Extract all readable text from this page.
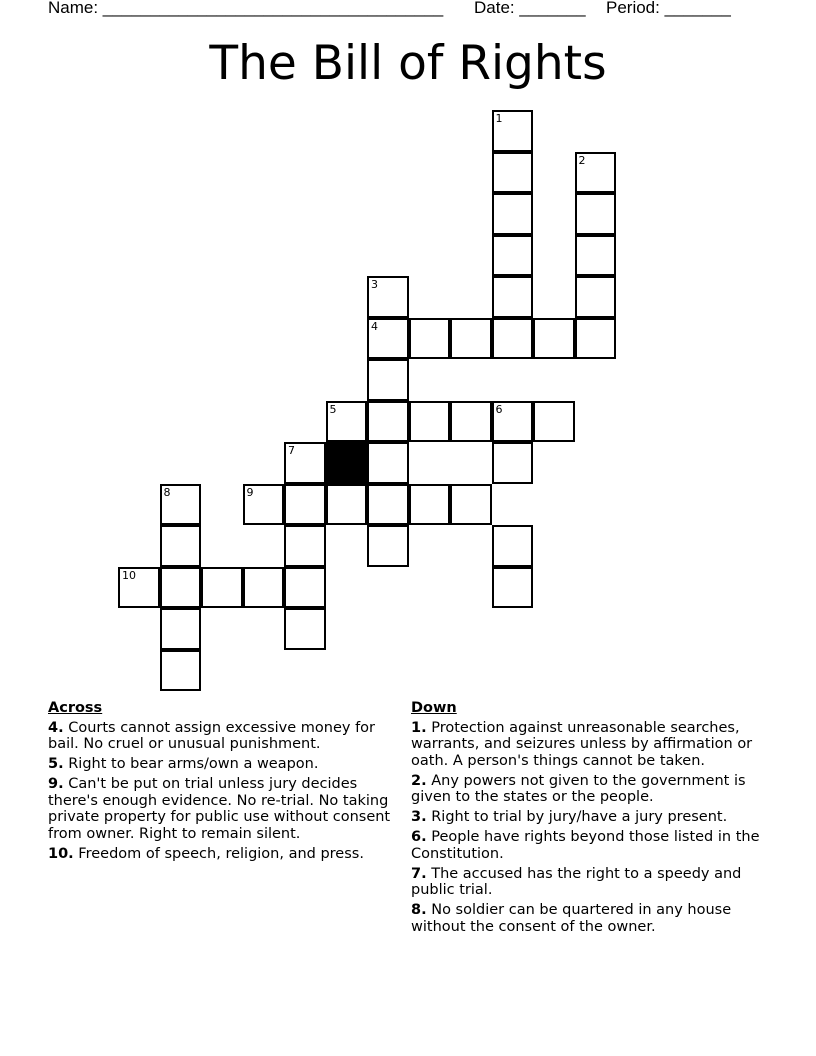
Name: ____________________________________

Date: _______

Period: _______

The Bill of Rights
1
2
3
4
5	6
7
8	9
10
Across
4. Courts cannot assign excessive money for bail. No cruel or unusual punishment.
5. Right to bear arms/own a weapon.
9. Can't be put on trial unless jury decides there's enough evidence. No re-trial. No taking private property for public use without consent from owner. Right to remain silent.
10. Freedom of speech, religion, and press.
Down
1. Protection against unreasonable searches, warrants, and seizures unless by affirmation or oath. A person's things cannot be taken.
2. Any powers not given to the government is given to the states or the people.
3. Right to trial by jury/have a jury present.
6. People have rights beyond those listed in the Constitution.
7. The accused has the right to a speedy and public trial.
8. No soldier can be quartered in any house without the consent of the owner.
